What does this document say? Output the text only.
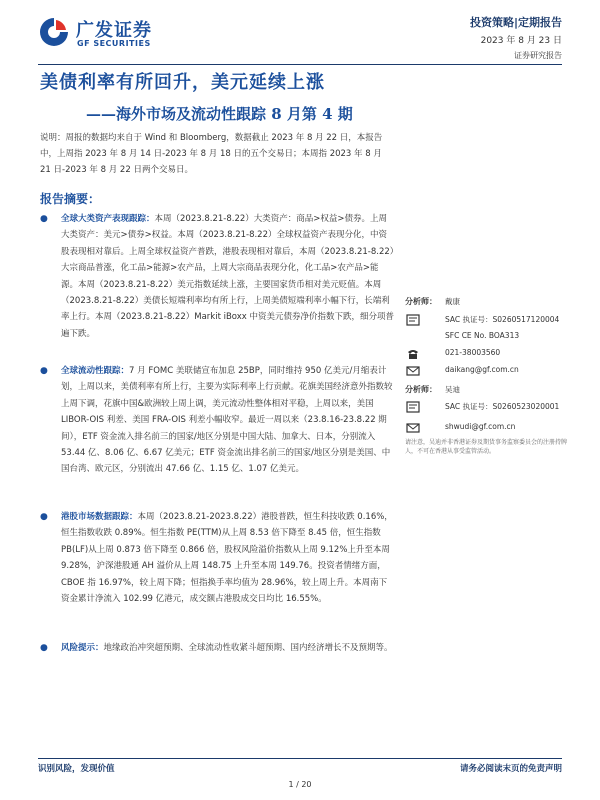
广发证券
GF SECURITIES
投资策略|定期报告
2023 年 8 月 23 日
证券研究报告
美债利率有所回升，美元延续上涨
——海外市场及流动性跟踪 8 月第 4 期
说明：周报的数据均来自于 Wind 和 Bloomberg，数据截止 2023 年 8 月 22 日，本报告中，上周指 2023 年 8 月 14 日-2023 年 8 月 18 日的五个交易日；本周指 2023 年 8 月 21 日-2023 年 8 月 22 日两个交易日。
报告摘要：
● 全球大类资产表现跟踪：本周（2023.8.21-8.22）大类资产：商品>权益>债券。上周大类资产：美元>债券>权益。本周（2023.8.21-8.22）全球权益资产表现分化，中资股表现相对靠后。上周全球权益资产普跌，港股表现相对靠后，本周（2023.8.21-8.22）大宗商品普涨，化工品>能源>农产品，上周大宗商品表现分化，化工品>农产品>能源。本周（2023.8.21-8.22）美元指数延续上涨，主要国家货币相对美元贬值。本周（2023.8.21-8.22）美债长短端利率均有所上行，上周美债短端利率小幅下行，长端利率上行。本周（2023.8.21-8.22）Markit iBoxx 中资美元债券净价指数下跌，细分项普遍下跌。
● 全球流动性跟踪：7 月 FOMC 美联储宣布加息 25BP，同时维持 950 亿美元/月缩表计划，上周以来，美债利率有所上行，主要为实际利率上行贡献。花旗美国经济意外指数较上周下调，花旗中国&欧洲较上周上调，美元流动性整体相对平稳，上周以来，美国 LIBOR-OIS 利差、美国 FRA-OIS 利差小幅收窄。最近一周以来（23.8.16-23.8.22 期间），ETF 资金流入排名前三的国家/地区分别是中国大陆、加拿大、日本，分别流入 53.44 亿、8.06 亿、6.67 亿美元；ETF 资金流出排名前三的国家/地区分别是美国、中国台湾、欧元区，分别流出 47.66 亿、1.15 亿、1.07 亿美元。
● 港股市场数据跟踪：本周（2023.8.21-2023.8.22）港股普跌，恒生科技收跌 0.16%，恒生指数收跌 0.89%。恒生指数 PE(TTM)从上周 8.53 倍下降至 8.45 倍，恒生指数 PB(LF)从上周 0.873 倍下降至 0.866 倍，股权风险溢价指数从上周 9.12%上升至本周 9.28%，沪深港股通 AH 溢价从上周 148.75 上升至本周 149.76。投资者情绪方面，CBOE 指 16.97%，较上周下降；恒指换手率均值为 28.96%，较上周上升。本周南下资金累计净流入 102.99 亿港元，成交额占港股成交日均比 16.55%。
● 风险提示：地缘政治冲突超预期、全球流动性收紧斗超预期、国内经济增长不及预期等。
分析师： 戴康
SAC 执证号：S0260517120004
SFC CE No. BOA313
021-38003560
daikang@gf.com.cn
分析师： 吴迪
SAC 执证号：S0260523020001
shwudi@gf.com.cn
请注意，吴迪并非香港证券及期货事务监察委员会的注册持牌人，不可在香港从事受监管活动。
识别风险，发现价值	请务必阅读末页的免责声明
1 / 20
